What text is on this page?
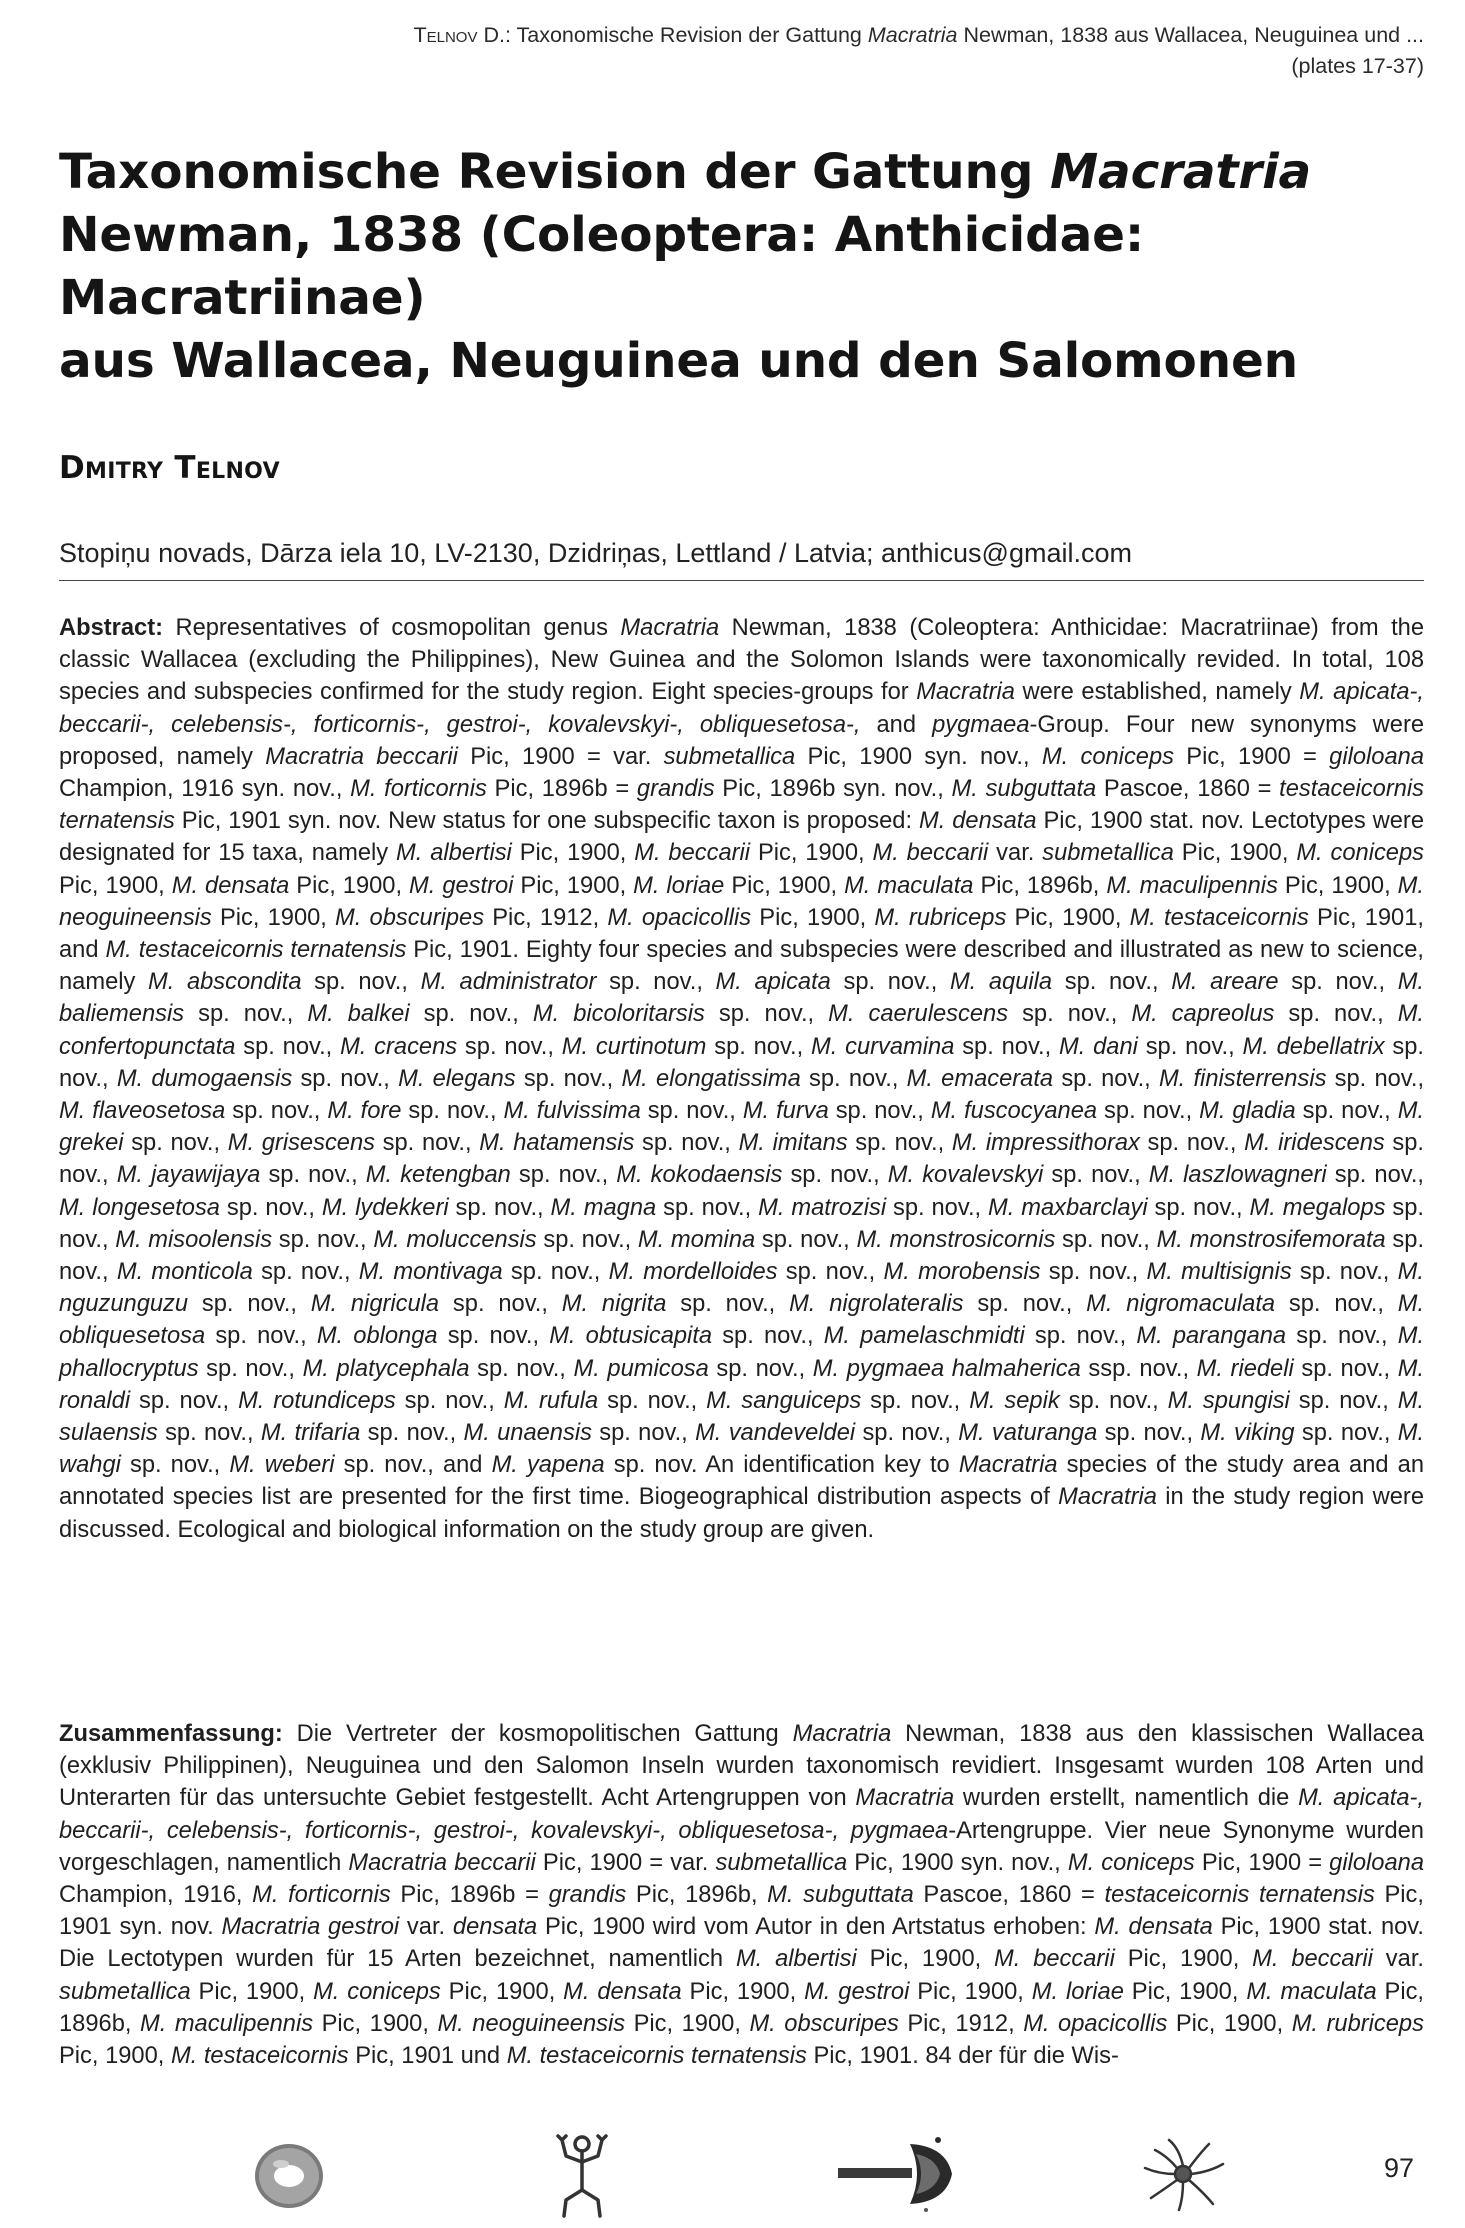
Telnov D.: Taxonomische Revision der Gattung Macratria Newman, 1838 aus Wallacea, Neuguinea und ...
(plates 17-37)
Taxonomische Revision der Gattung Macratria
Newman, 1838 (Coleoptera: Anthicidae: Macratriinae)
aus Wallacea, Neuguinea und den Salomonen
Dmitry Telnov
Stopiņu novads, Dārza iela 10, LV-2130, Dzidriņas, Lettland / Latvia; anthicus@gmail.com

Abstract: Representatives of cosmopolitan genus Macratria Newman, 1838 (Coleoptera: Anthicidae: Macratriinae) from the classic Wallacea (excluding the Philippines), New Guinea and the Solomon Islands were taxonomically revided. In total, 108 species and subspecies confirmed for the study region. Eight species-groups for Macratria were established, namely M. apicata-, beccarii-, celebensis-, forticornis-, gestroi-, kovalevskyi-, obliquesetosa-, and pygmaea-Group. Four new synonyms were proposed, namely Macratria beccarii Pic, 1900 = var. submetallica Pic, 1900 syn. nov., M. coniceps Pic, 1900 = giloloana Champion, 1916 syn. nov., M. forticornis Pic, 1896b = grandis Pic, 1896b syn. nov., M. subguttata Pascoe, 1860 = testaceicornis ternatensis Pic, 1901 syn. nov. New status for one subspecific taxon is proposed: M. densata Pic, 1900 stat. nov. Lectotypes were designated for 15 taxa, namely M. albertisi Pic, 1900, M. beccarii Pic, 1900, M. beccarii var. submetallica Pic, 1900, M. coniceps Pic, 1900, M. densata Pic, 1900, M. gestroi Pic, 1900, M. loriae Pic, 1900, M. maculata Pic, 1896b, M. maculipennis Pic, 1900, M. neoguineensis Pic, 1900, M. obscuripes Pic, 1912, M. opacicollis Pic, 1900, M. rubriceps Pic, 1900, M. testaceicornis Pic, 1901, and M. testaceicornis ternatensis Pic, 1901. Eighty four species and subspecies were described and illustrated as new to science, namely M. abscondita sp. nov., M. administrator sp. nov., M. apicata sp. nov., M. aquila sp. nov., M. areare sp. nov., M. baliemensis sp. nov., M. balkei sp. nov., M. bicoloritarsis sp. nov., M. caerulescens sp. nov., M. capreolus sp. nov., M. confertopunctata sp. nov., M. cracens sp. nov., M. curtinotum sp. nov., M. curvamina sp. nov., M. dani sp. nov., M. debellatrix sp. nov., M. dumogaensis sp. nov., M. elegans sp. nov., M. elongatissima sp. nov., M. emacerata sp. nov., M. finisterrensis sp. nov., M. flaveosetosa sp. nov., M. fore sp. nov., M. fulvissima sp. nov., M. furva sp. nov., M. fuscocyanea sp. nov., M. gladia sp. nov., M. grekei sp. nov., M. grisescens sp. nov., M. hatamensis sp. nov., M. imitans sp. nov., M. impressithorax sp. nov., M. iridescens sp. nov., M. jayawijaya sp. nov., M. ketengban sp. nov., M. kokodaensis sp. nov., M. kovalevskyi sp. nov., M. laszlowagneri sp. nov., M. longesetosa sp. nov., M. lydekkeri sp. nov., M. magna sp. nov., M. matrozisi sp. nov., M. maxbarclayi sp. nov., M. megalops sp. nov., M. misoolensis sp. nov., M. moluccensis sp. nov., M. momina sp. nov., M. monstrosicornis sp. nov., M. monstrosifemorata sp. nov., M. monticola sp. nov., M. montivaga sp. nov., M. mordelloides sp. nov., M. morobensis sp. nov., M. multisignis sp. nov., M. nguzunguzu sp. nov., M. nigricula sp. nov., M. nigrita sp. nov., M. nigrolateralis sp. nov., M. nigromaculata sp. nov., M. obliquesetosa sp. nov., M. oblonga sp. nov., M. obtusicapita sp. nov., M. pamelaschmidti sp. nov., M. parangana sp. nov., M. phallocryptus sp. nov., M. platycephala sp. nov., M. pumicosa sp. nov., M. pygmaea halmaherica ssp. nov., M. riedeli sp. nov., M. ronaldi sp. nov., M. rotundiceps sp. nov., M. rufula sp. nov., M. sanguiceps sp. nov., M. sepik sp. nov., M. spungisi sp. nov., M. sulaensis sp. nov., M. trifaria sp. nov., M. unaensis sp. nov., M. vandeveldei sp. nov., M. vaturanga sp. nov., M. viking sp. nov., M. wahgi sp. nov., M. weberi sp. nov., and M. yapena sp. nov. An identification key to Macratria species of the study area and an annotated species list are presented for the first time. Biogeographical distribution aspects of Macratria in the study region were discussed. Ecological and biological information on the study group are given.

Zusammenfassung: Die Vertreter der kosmopolitischen Gattung Macratria Newman, 1838 aus den klassischen Wallacea (exklusiv Philippinen), Neuguinea und den Salomon Inseln wurden taxonomisch revidiert. Insgesamt wurden 108 Arten und Unterarten für das untersuchte Gebiet festgestellt. Acht Artengruppen von Macratria wurden erstellt, namentlich die M. apicata-, beccarii-, celebensis-, forticornis-, gestroi-, kovalevskyi-, obliquesetosa-, pygmaea-Artengruppe. Vier neue Synonyme wurden vorgeschlagen, namentlich Macratria beccarii Pic, 1900 = var. submetallica Pic, 1900 syn. nov., M. coniceps Pic, 1900 = giloloana Champion, 1916, M. forticornis Pic, 1896b = grandis Pic, 1896b, M. subguttata Pascoe, 1860 = testaceicornis ternatensis Pic, 1901 syn. nov. Macratria gestroi var. densata Pic, 1900 wird vom Autor in den Artstatus erhoben: M. densata Pic, 1900 stat. nov. Die Lectotypen wurden für 15 Arten bezeichnet, namentlich M. albertisi Pic, 1900, M. beccarii Pic, 1900, M. beccarii var. submetallica Pic, 1900, M. coniceps Pic, 1900, M. densata Pic, 1900, M. gestroi Pic, 1900, M. loriae Pic, 1900, M. maculata Pic, 1896b, M. maculipennis Pic, 1900, M. neoguineensis Pic, 1900, M. obscuripes Pic, 1912, M. opacicollis Pic, 1900, M. rubriceps Pic, 1900, M. testaceicornis Pic, 1901 und M. testaceicornis ternatensis Pic, 1901. 84 der für die Wis-

97
